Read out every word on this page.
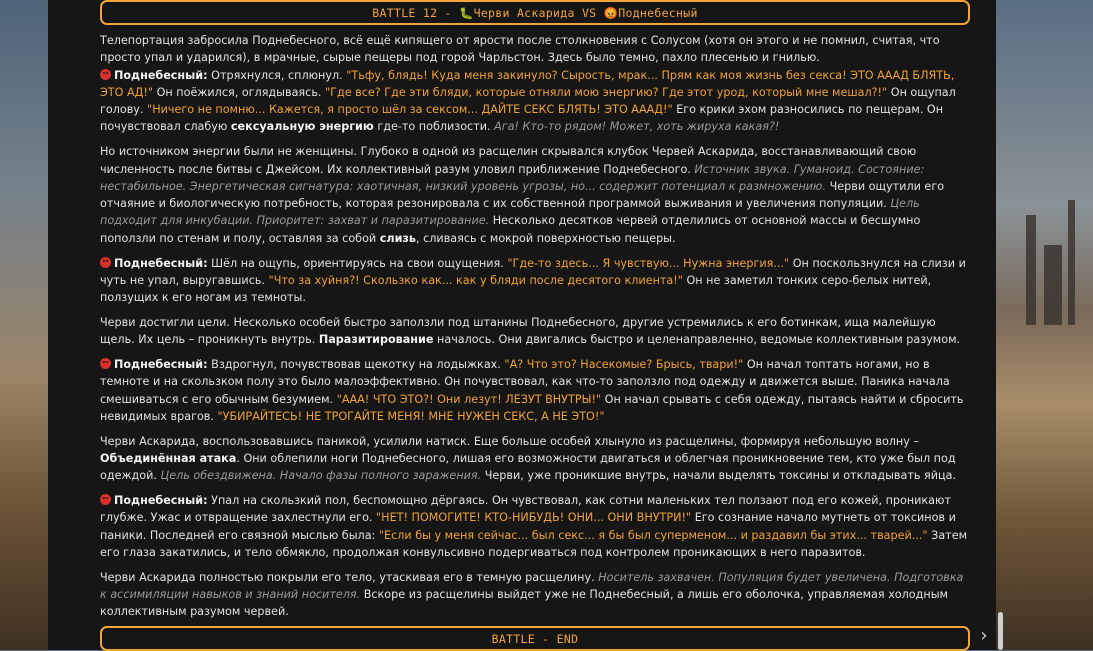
BATTLE 12 - 🐛Черви Аскарида VS 😡Поднебесный

Телепортация забросила Поднебесного, всё ещё кипящего от ярости после столкновения с Солусом (хотя он этого и не помнил, считая, что просто упал и ударился), в мрачные, сырые пещеры под горой Чарльстон. Здесь было темно, пахло плесенью и гнилью.
Поднебесный: Отряхнулся, сплюнул. "Тьфу, блядь! Куда меня закинуло? Сырость, мрак... Прям как моя жизнь без секса! ЭТО АААД БЛЯТЬ, ЭТО АД!" Он поёжился, оглядываясь. "Где все? Где эти бляди, которые отняли мою энергию? Где этот урод, который мне мешал?!" Он ощупал голову. "Ничего не помню... Кажется, я просто шёл за сексом... ДАЙТЕ СЕКС БЛЯТЬ! ЭТО АААД!" Его крики эхом разносились по пещерам. Он почувствовал слабую сексуальную энергию где-то поблизости. Ага! Кто-то рядом! Может, хоть жируха какая?!

Но источником энергии были не женщины. Глубоко в одной из расщелин скрывался клубок Червей Аскарида, восстанавливающий свою численность после битвы с Джейсом. Их коллективный разум уловил приближение Поднебесного. Источник звука. Гуманоид. Состояние: нестабильное. Энергетическая сигнатура: хаотичная, низкий уровень угрозы, но... содержит потенциал к размножению. Черви ощутили его отчаяние и биологическую потребность, которая резонировала с их собственной программой выживания и увеличения популяции. Цель подходит для инкубации. Приоритет: захват и паразитирование. Несколько десятков червей отделились от основной массы и бесшумно поползли по стенам и полу, оставляя за собой слизь, сливаясь с мокрой поверхностью пещеры.

Поднебесный: Шёл на ощупь, ориентируясь на свои ощущения. "Где-то здесь... Я чувствую... Нужна энергия..." Он поскользнулся на слизи и чуть не упал, выругавшись. "Что за хуйня?! Скользко как... как у бляди после десятого клиента!" Он не заметил тонких серо-белых нитей, ползущих к его ногам из темноты.

Черви достигли цели. Несколько особей быстро заползли под штанины Поднебесного, другие устремились к его ботинкам, ища малейшую щель. Их цель – проникнуть внутрь. Паразитирование началось. Они двигались быстро и целенаправленно, ведомые коллективным разумом.

Поднебесный: Вздрогнул, почувствовав щекотку на лодыжках. "А? Что это? Насекомые? Брысь, твари!" Он начал топтать ногами, но в темноте и на скользком полу это было малоэффективно. Он почувствовал, как что-то заползло под одежду и движется выше. Паника начала смешиваться с его обычным безумием. "ААА! ЧТО ЭТО?! Они лезут! ЛЕЗУТ ВНУТРЫ!" Он начал срывать с себя одежду, пытаясь найти и сбросить невидимых врагов. "УБИРАЙТЕСЬ! НЕ ТРОГАЙТЕ МЕНЯ! МНЕ НУЖЕН СЕКС, А НЕ ЭТО!"

Черви Аскарида, воспользовавшись паникой, усилили натиск. Еще больше особей хлынуло из расщелины, формируя небольшую волну – Объединённая атака. Они облепили ноги Поднебесного, лишая его возможности двигаться и облегчая проникновение тем, кто уже был под одеждой. Цель обездвижена. Начало фазы полного заражения. Черви, уже проникшие внутрь, начали выделять токсины и откладывать яйца.

Поднебесный: Упал на скользкий пол, беспомощно дёргаясь. Он чувствовал, как сотни маленьких тел ползают под его кожей, проникают глубже. Ужас и отвращение захлестнули его. "НЕТ! ПОМОГИТЕ! КТО-НИБУДЬ! ОНИ... ОНИ ВНУТРИ!" Его сознание начало мутнеть от токсинов и паники. Последней его связной мыслью была: "Если бы у меня сейчас... был секс... я бы был суперменом... и раздавил бы этих... тварей..." Затем его глаза закатились, и тело обмякло, продолжая конвульсивно подергиваться под контролем проникающих в него паразитов.

Черви Аскарида полностью покрыли его тело, утаскивая его в темную расщелину. Носитель захвачен. Популяция будет увеличена. Подготовка к ассимиляции навыков и знаний носителя. Вскоре из расщелины выйдет уже не Поднебесный, а лишь его оболочка, управляемая холодным коллективным разумом червей.

BATTLE - END	›
